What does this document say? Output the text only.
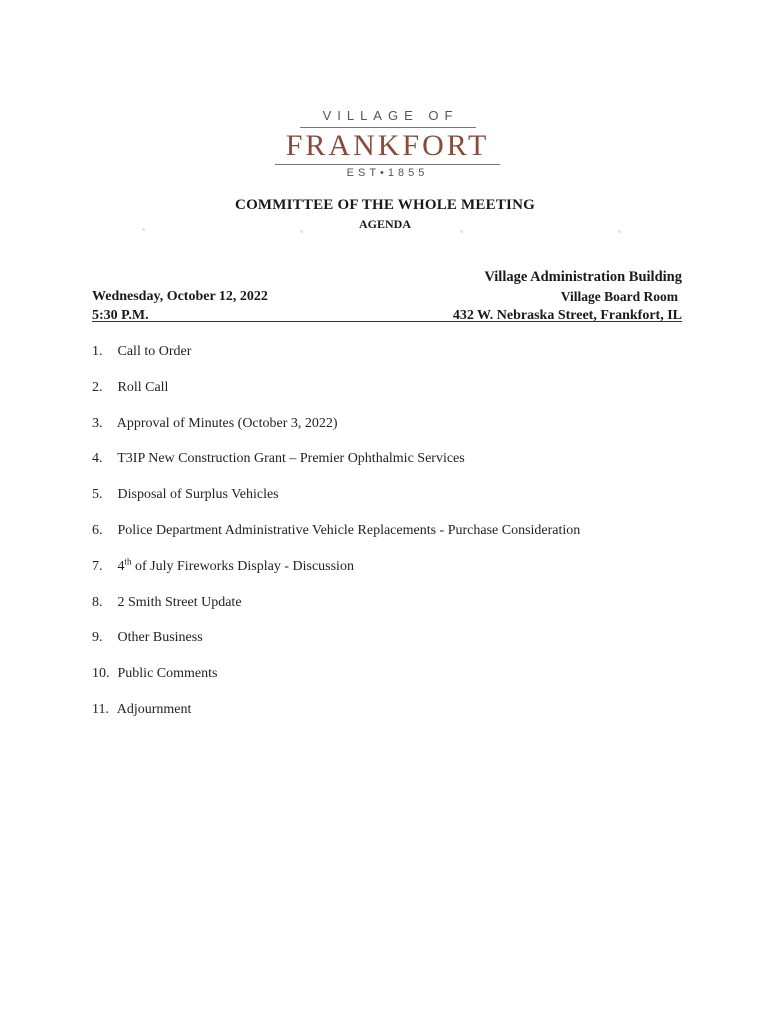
VILLAGE OF
FRANKFORT
EST•1855
COMMITTEE OF THE WHOLE MEETING
AGENDA
Wednesday, October 12, 2022
5:30 P.M.
Village Administration Building
Village Board Room
432 W. Nebraska Street, Frankfort, IL
1. Call to Order
2. Roll Call
3. Approval of Minutes (October 3, 2022)
4. T3IP New Construction Grant – Premier Ophthalmic Services
5. Disposal of Surplus Vehicles
6. Police Department Administrative Vehicle Replacements - Purchase Consideration
7. 4th of July Fireworks Display - Discussion
8. 2 Smith Street Update
9. Other Business
10. Public Comments
11. Adjournment
